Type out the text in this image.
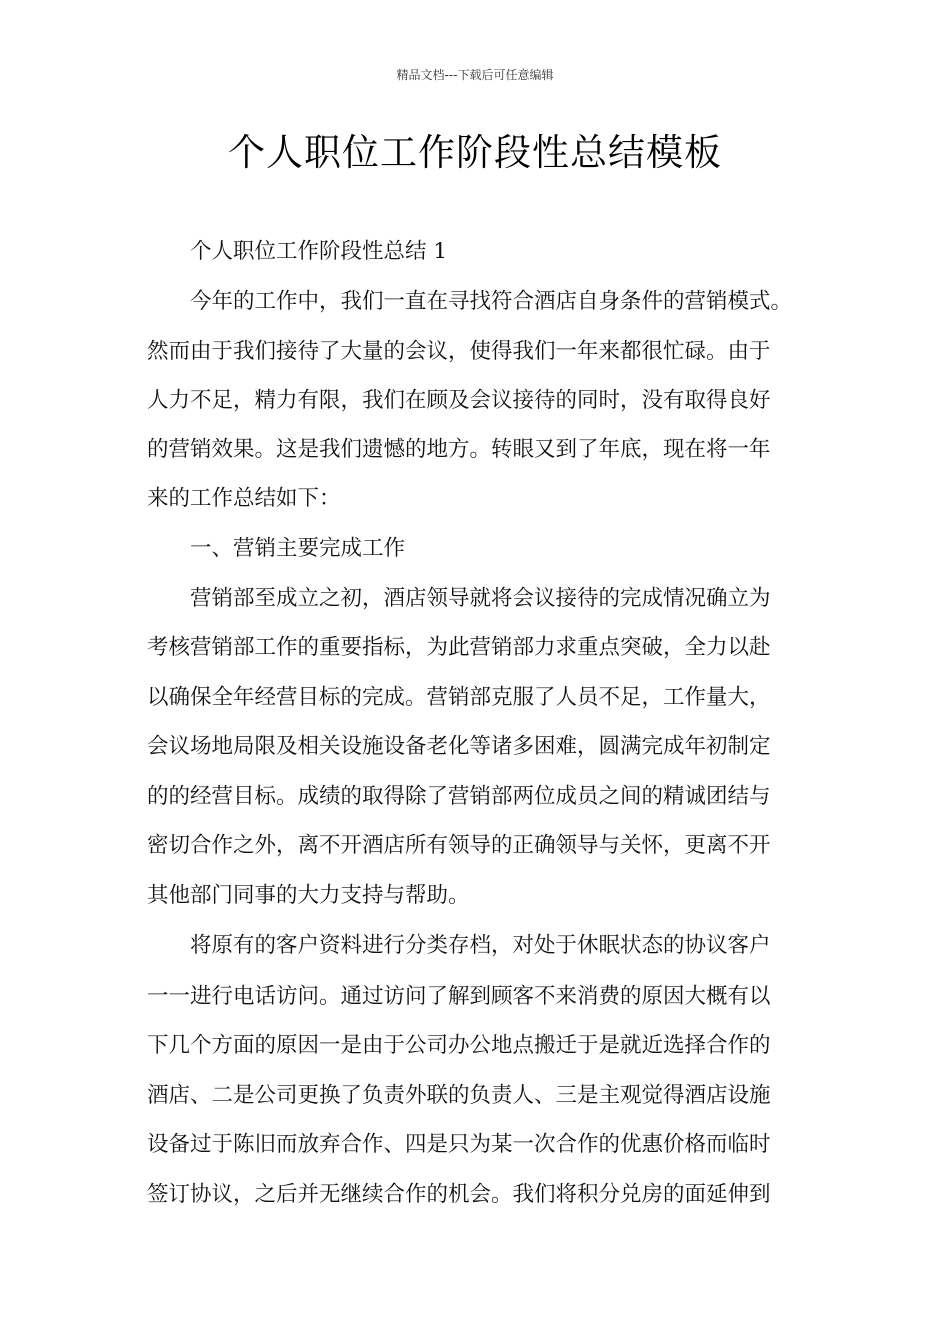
精品文档---下载后可任意编辑
个人职位工作阶段性总结模板
个人职位工作阶段性总结 1
今年的工作中，我们一直在寻找符合酒店自身条件的营销模式。
然而由于我们接待了大量的会议，使得我们一年来都很忙碌。由于
人力不足，精力有限，我们在顾及会议接待的同时，没有取得良好
的营销效果。这是我们遗憾的地方。转眼又到了年底，现在将一年
来的工作总结如下：
一、营销主要完成工作
营销部至成立之初，酒店领导就将会议接待的完成情况确立为
考核营销部工作的重要指标，为此营销部力求重点突破，全力以赴
以确保全年经营目标的完成。营销部克服了人员不足，工作量大，
会议场地局限及相关设施设备老化等诸多困难，圆满完成年初制定
的的经营目标。成绩的取得除了营销部两位成员之间的精诚团结与
密切合作之外，离不开酒店所有领导的正确领导与关怀，更离不开
其他部门同事的大力支持与帮助。
将原有的客户资料进行分类存档，对处于休眠状态的协议客户
一一进行电话访问。通过访问了解到顾客不来消费的原因大概有以
下几个方面的原因一是由于公司办公地点搬迁于是就近选择合作的
酒店、二是公司更换了负责外联的负责人、三是主观觉得酒店设施
设备过于陈旧而放弃合作、四是只为某一次合作的优惠价格而临时
签订协议，之后并无继续合作的机会。我们将积分兑房的面延伸到
